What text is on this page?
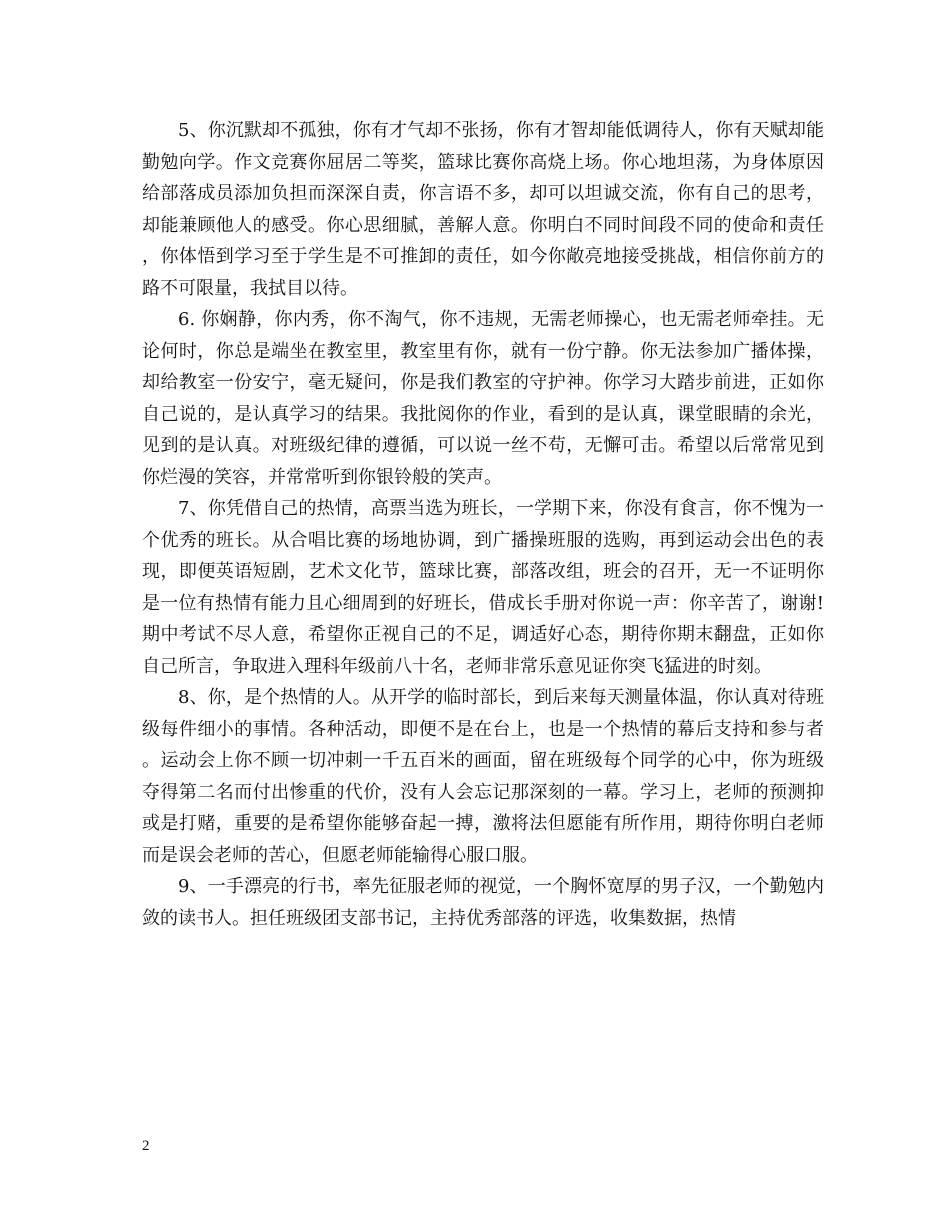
5、你沉默却不孤独，你有才气却不张扬，你有才智却能低调待人，你有天赋却能勤勉向学。作文竞赛你屈居二等奖，篮球比赛你高烧上场。你心地坦荡，为身体原因给部落成员添加负担而深深自责，你言语不多，却可以坦诚交流，你有自己的思考，却能兼顾他人的感受。你心思细腻，善解人意。你明白不同时间段不同的使命和责任，你体悟到学习至于学生是不可推卸的责任，如今你敞亮地接受挑战，相信你前方的路不可限量，我拭目以待。

6. 你娴静，你内秀，你不淘气，你不违规，无需老师操心，也无需老师牵挂。无论何时，你总是端坐在教室里，教室里有你，就有一份宁静。你无法参加广播体操，却给教室一份安宁，毫无疑问，你是我们教室的守护神。你学习大踏步前进，正如你自己说的，是认真学习的结果。我批阅你的作业，看到的是认真，课堂眼睛的余光，见到的是认真。对班级纪律的遵循，可以说一丝不苟，无懈可击。希望以后常常见到你烂漫的笑容，并常常听到你银铃般的笑声。

7、你凭借自己的热情，高票当选为班长，一学期下来，你没有食言，你不愧为一个优秀的班长。从合唱比赛的场地协调，到广播操班服的选购，再到运动会出色的表现，即便英语短剧，艺术文化节，篮球比赛，部落改组，班会的召开，无一不证明你是一位有热情有能力且心细周到的好班长，借成长手册对你说一声：你辛苦了，谢谢!期中考试不尽人意，希望你正视自己的不足，调适好心态，期待你期末翻盘，正如你自己所言，争取进入理科年级前八十名，老师非常乐意见证你突飞猛进的时刻。

8、你，是个热情的人。从开学的临时部长，到后来每天测量体温，你认真对待班级每件细小的事情。各种活动，即便不是在台上，也是一个热情的幕后支持和参与者。运动会上你不顾一切冲刺一千五百米的画面，留在班级每个同学的心中，你为班级夺得第二名而付出惨重的代价，没有人会忘记那深刻的一幕。学习上，老师的预测抑或是打赌，重要的是希望你能够奋起一搏，激将法但愿能有所作用，期待你明白老师而是误会老师的苦心，但愿老师能输得心服口服。

9、一手漂亮的行书，率先征服老师的视觉，一个胸怀宽厚的男子汉，一个勤勉内敛的读书人。担任班级团支部书记，主持优秀部落的评选，收集数据，热情

2
